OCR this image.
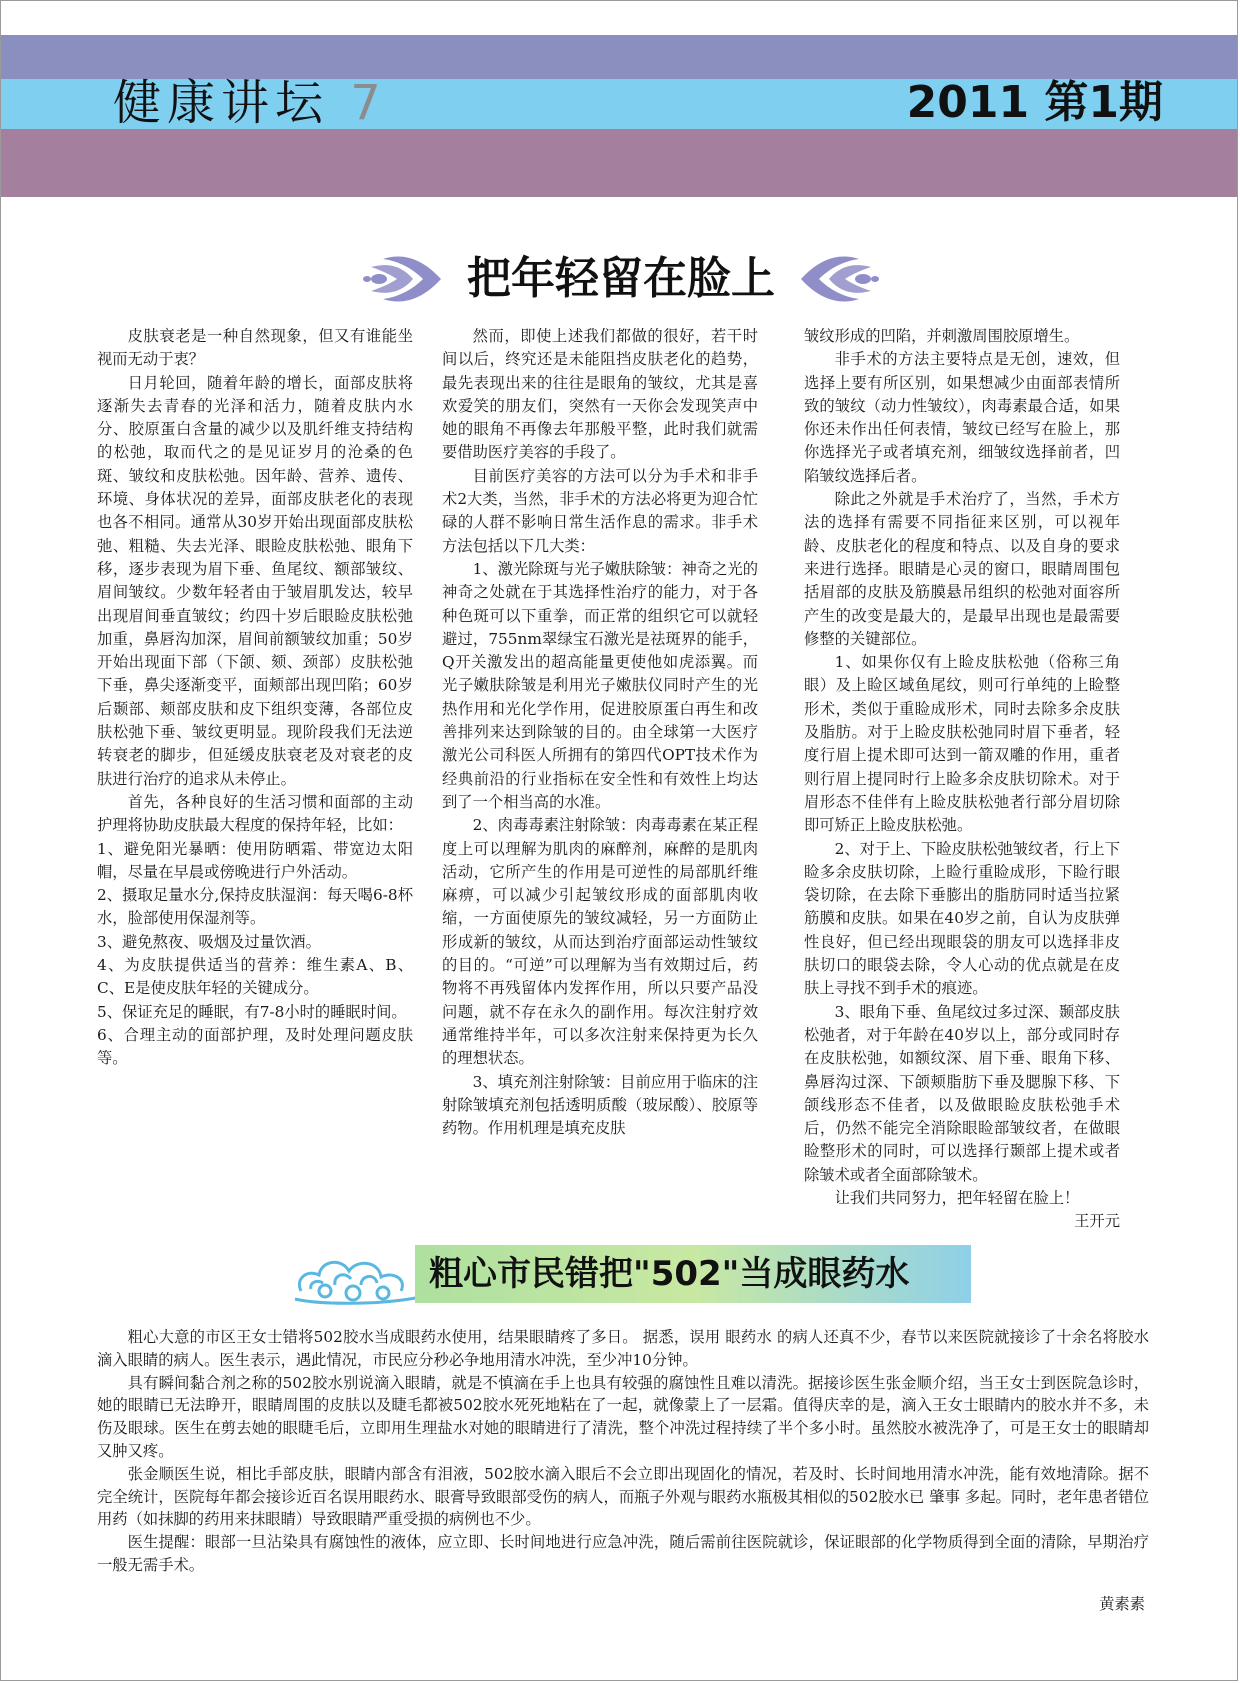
健康讲坛 7	2011 第1期
把年轻留在脸上

皮肤衰老是一种自然现象，但又有谁能坐视而无动于衷？

日月轮回，随着年龄的增长，面部皮肤将逐渐失去青春的光泽和活力，随着皮肤内水分、胶原蛋白含量的减少以及肌纤维支持结构的松弛，取而代之的是见证岁月的沧桑的色斑、皱纹和皮肤松弛。因年龄、营养、遗传、环境、身体状况的差异，面部皮肤老化的表现也各不相同。通常从30岁开始出现面部皮肤松弛、粗糙、失去光泽、眼睑皮肤松弛、眼角下移，逐步表现为眉下垂、鱼尾纹、额部皱纹、眉间皱纹。少数年轻者由于皱眉肌发达，较早出现眉间垂直皱纹；约四十岁后眼睑皮肤松弛加重，鼻唇沟加深，眉间前额皱纹加重；50岁开始出现面下部（下颌、颏、颈部）皮肤松弛下垂，鼻尖逐渐变平，面颊部出现凹陷；60岁后颞部、颊部皮肤和皮下组织变薄，各部位皮肤松弛下垂、皱纹更明显。现阶段我们无法逆转衰老的脚步，但延缓皮肤衰老及对衰老的皮肤进行治疗的追求从未停止。

首先，各种良好的生活习惯和面部的主动护理将协助皮肤最大程度的保持年轻，比如：

1、避免阳光暴晒：使用防晒霜、带宽边太阳帽，尽量在早晨或傍晚进行户外活动。

2、摄取足量水分,保持皮肤湿润：每天喝6-8杯水，脸部使用保湿剂等。

3、避免熬夜、吸烟及过量饮酒。

4、为皮肤提供适当的营养：维生素A、B、C、E是使皮肤年轻的关键成分。

5、保证充足的睡眠，有7-8小时的睡眠时间。

6、合理主动的面部护理，及时处理问题皮肤等。

然而，即使上述我们都做的很好，若干时间以后，终究还是未能阻挡皮肤老化的趋势，最先表现出来的往往是眼角的皱纹，尤其是喜欢爱笑的朋友们，突然有一天你会发现笑声中她的眼角不再像去年那般平整，此时我们就需要借助医疗美容的手段了。

目前医疗美容的方法可以分为手术和非手术2大类，当然，非手术的方法必将更为迎合忙碌的人群不影响日常生活作息的需求。非手术方法包括以下几大类：

1、激光除斑与光子嫩肤除皱：神奇之光的神奇之处就在于其选择性治疗的能力，对于各种色斑可以下重拳，而正常的组织它可以就轻避过，755nm翠绿宝石激光是祛斑界的能手，Q开关激发出的超高能量更使他如虎添翼。而光子嫩肤除皱是利用光子嫩肤仪同时产生的光热作用和光化学作用，促进胶原蛋白再生和改善排列来达到除皱的目的。由全球第一大医疗激光公司科医人所拥有的第四代OPT技术作为经典前沿的行业指标在安全性和有效性上均达到了一个相当高的水准。

2、肉毒毒素注射除皱：肉毒毒素在某正程度上可以理解为肌肉的麻醉剂，麻醉的是肌肉活动，它所产生的作用是可逆性的局部肌纤维麻痹，可以减少引起皱纹形成的面部肌肉收缩，一方面使原先的皱纹减轻，另一方面防止形成新的皱纹，从而达到治疗面部运动性皱纹的目的。“可逆”可以理解为当有效期过后，药物将不再残留体内发挥作用，所以只要产品没问题，就不存在永久的副作用。每次注射疗效通常维持半年，可以多次注射来保持更为长久的理想状态。

3、填充剂注射除皱：目前应用于临床的注射除皱填充剂包括透明质酸（玻尿酸）、胶原等药物。作用机理是填充皮肤

皱纹形成的凹陷，并刺激周围胶原增生。

非手术的方法主要特点是无创，速效，但选择上要有所区别，如果想减少由面部表情所致的皱纹（动力性皱纹），肉毒素最合适，如果你还未作出任何表情，皱纹已经写在脸上，那你选择光子或者填充剂，细皱纹选择前者，凹陷皱纹选择后者。

除此之外就是手术治疗了，当然，手术方法的选择有需要不同指征来区别，可以视年龄、皮肤老化的程度和特点、以及自身的要求来进行选择。眼睛是心灵的窗口，眼睛周围包括眉部的皮肤及筋膜悬吊组织的松弛对面容所产生的改变是最大的，是最早出现也是最需要修整的关键部位。

1、如果你仅有上睑皮肤松弛（俗称三角眼）及上睑区域鱼尾纹，则可行单纯的上睑整形术，类似于重睑成形术，同时去除多余皮肤及脂肪。对于上睑皮肤松弛同时眉下垂者，轻度行眉上提术即可达到一箭双雕的作用，重者则行眉上提同时行上睑多余皮肤切除术。对于眉形态不佳伴有上睑皮肤松弛者行部分眉切除即可矫正上睑皮肤松弛。

2、对于上、下睑皮肤松弛皱纹者，行上下睑多余皮肤切除，上睑行重睑成形，下睑行眼袋切除，在去除下垂膨出的脂肪同时适当拉紧筋膜和皮肤。如果在40岁之前，自认为皮肤弹性良好，但已经出现眼袋的朋友可以选择非皮肤切口的眼袋去除，令人心动的优点就是在皮肤上寻找不到手术的痕迹。

3、眼角下垂、鱼尾纹过多过深、颞部皮肤松弛者，对于年龄在40岁以上，部分或同时存在皮肤松弛，如额纹深、眉下垂、眼角下移、鼻唇沟过深、下颌颊脂肪下垂及腮腺下移、下颌线形态不佳者，以及做眼睑皮肤松弛手术后，仍然不能完全消除眼睑部皱纹者，在做眼睑整形术的同时，可以选择行颞部上提术或者除皱术或者全面部除皱术。

让我们共同努力，把年轻留在脸上！

王开元

粗心市民错把"502"当成眼药水

粗心大意的市区王女士错将502胶水当成眼药水使用，结果眼睛疼了多日。 据悉，误用 眼药水 的病人还真不少，春节以来医院就接诊了十余名将胶水滴入眼睛的病人。医生表示，遇此情况，市民应分秒必争地用清水冲洗，至少冲10分钟。

具有瞬间黏合剂之称的502胶水别说滴入眼睛，就是不慎滴在手上也具有较强的腐蚀性且难以清洗。据接诊医生张金顺介绍，当王女士到医院急诊时，她的眼睛已无法睁开，眼睛周围的皮肤以及睫毛都被502胶水死死地粘在了一起，就像蒙上了一层霜。值得庆幸的是，滴入王女士眼睛内的胶水并不多，未伤及眼球。医生在剪去她的眼睫毛后，立即用生理盐水对她的眼睛进行了清洗，整个冲洗过程持续了半个多小时。虽然胶水被洗净了，可是王女士的眼睛却又肿又疼。

张金顺医生说，相比手部皮肤，眼睛内部含有泪液，502胶水滴入眼后不会立即出现固化的情况，若及时、长时间地用清水冲洗，能有效地清除。据不完全统计，医院每年都会接诊近百名误用眼药水、眼膏导致眼部受伤的病人，而瓶子外观与眼药水瓶极其相似的502胶水已 肇事 多起。同时，老年患者错位用药（如抹脚的药用来抹眼睛）导致眼睛严重受损的病例也不少。

医生提醒：眼部一旦沾染具有腐蚀性的液体，应立即、长时间地进行应急冲洗，随后需前往医院就诊，保证眼部的化学物质得到全面的清除，早期治疗一般无需手术。

黄素素
